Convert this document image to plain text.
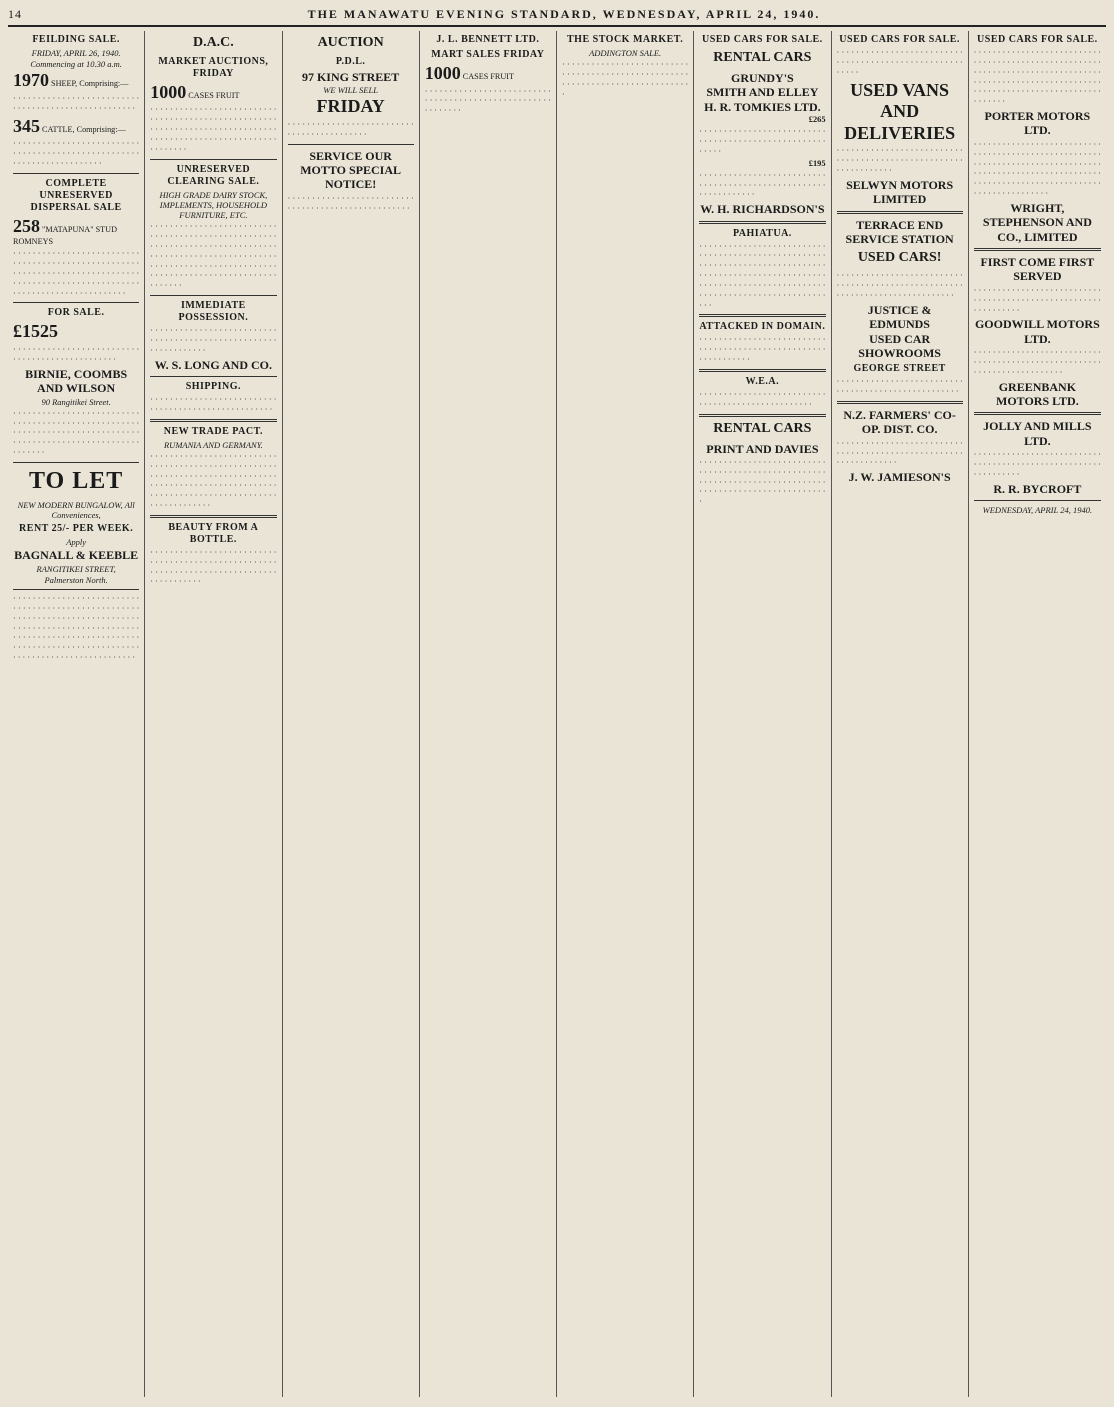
14	THE MANAWATU EVENING STANDARD, WEDNESDAY, APRIL 24, 1940.
FEILDING SALE.
FRIDAY, APRIL 26, 1940.
Commencing at 10.30 a.m.
1970 SHEEP, Comprising:—

· · · · · · · · · · · · · · · · · · · · · · · · · · · · · · · · · · · · · · · · · · · · · · · · · · · ·

345 CATTLE, Comprising:—

· · · · · · · · · · · · · · · · · · · · · · · · · · · · · · · · · · · · · · · · · · · · · · · · · · · · · · · · · · · · · · · · · · · · · · ·

COMPLETE UNRESERVED DISPERSAL SALE
258 "MATAPUNA" STUD ROMNEYS

· · · · · · · · · · · · · · · · · · · · · · · · · · · · · · · · · · · · · · · · · · · · · · · · · · · · · · · · · · · · · · · · · · · · · · · · · · · · · · · · · · · · · · · · · · · · · · · · · · · · · · · · · · · · · · · · · · · · · · · · · · · · · · · ·

FOR SALE.
£1525

· · · · · · · · · · · · · · · · · · · · · · · · · · · · · · · · · · · · · · · · · · · · · · · ·

BIRNIE, COOMBS AND WILSON
90 Rangitikei Street.

· · · · · · · · · · · · · · · · · · · · · · · · · · · · · · · · · · · · · · · · · · · · · · · · · · · · · · · · · · · · · · · · · · · · · · · · · · · · · · · · · · · · · · · · · · · · · · · · · · · · · · · · · · · · · · ·

TO LET
NEW MODERN BUNGALOW, All Conveniences,
RENT 25/- PER WEEK.
Apply
BAGNALL & KEEBLE
RANGITIKEI STREET,
Palmerston North.

· · · · · · · · · · · · · · · · · · · · · · · · · · · · · · · · · · · · · · · · · · · · · · · · · · · · · · · · · · · · · · · · · · · · · · · · · · · · · · · · · · · · · · · · · · · · · · · · · · · · · · · · · · · · · · · · · · · · · · · · · · · · · · · · · · · · · · · · · · · · · · · · · · · · · · · · · · · · · · · · · · · · · · · · · · · · · · · · · · · · · ·

D.A.C.
MARKET AUCTIONS, FRIDAY
1000 CASES FRUIT

· · · · · · · · · · · · · · · · · · · · · · · · · · · · · · · · · · · · · · · · · · · · · · · · · · · · · · · · · · · · · · · · · · · · · · · · · · · · · · · · · · · · · · · · · · · · · · · · · · · · · · · · · · · · · · · ·

UNRESERVED CLEARING SALE.
HIGH GRADE DAIRY STOCK, IMPLEMENTS, HOUSEHOLD FURNITURE, ETC.

· · · · · · · · · · · · · · · · · · · · · · · · · · · · · · · · · · · · · · · · · · · · · · · · · · · · · · · · · · · · · · · · · · · · · · · · · · · · · · · · · · · · · · · · · · · · · · · · · · · · · · · · · · · · · · · · · · · · · · · · · · · · · · · · · · · · · · · · · · · · · · · · · · · · · · · · · · · · · · · · · · ·

IMMEDIATE POSSESSION.

· · · · · · · · · · · · · · · · · · · · · · · · · · · · · · · · · · · · · · · · · · · · · · · · · · · · · · · · · · · · · · · ·

W. S. LONG AND CO.
SHIPPING.

· · · · · · · · · · · · · · · · · · · · · · · · · · · · · · · · · · · · · · · · · · · · · · · · · · · ·

NEW TRADE PACT.
RUMANIA AND GERMANY.

· · · · · · · · · · · · · · · · · · · · · · · · · · · · · · · · · · · · · · · · · · · · · · · · · · · · · · · · · · · · · · · · · · · · · · · · · · · · · · · · · · · · · · · · · · · · · · · · · · · · · · · · · · · · · · · · · · · · · · · · · · · · · · · · · · · · · · · · · · · · · · ·

BEAUTY FROM A BOTTLE.

· · · · · · · · · · · · · · · · · · · · · · · · · · · · · · · · · · · · · · · · · · · · · · · · · · · · · · · · · · · · · · · · · · · · · · · · · · · · · · · · · · · · · · · · ·

AUCTION
P.D.L.
97 KING STREET
WE WILL SELL
FRIDAY

· · · · · · · · · · · · · · · · · · · · · · · · · · · · · · · · · · · · · · · · · · ·

SERVICE OUR MOTTO SPECIAL NOTICE!

· · · · · · · · · · · · · · · · · · · · · · · · · · · · · · · · · · · · · · · · · · · · · · · · · · · ·

J. L. BENNETT LTD.
MART SALES FRIDAY
1000 CASES FRUIT

· · · · · · · · · · · · · · · · · · · · · · · · · · · · · · · · · · · · · · · · · · · · · · · · · · · · · · · · · · · ·

THE STOCK MARKET.
ADDINGTON SALE.

· · · · · · · · · · · · · · · · · · · · · · · · · · · · · · · · · · · · · · · · · · · · · · · · · · · · · · · · · · · · · · · · · · · · · · · · · · · · · · ·

USED CARS FOR SALE.
RENTAL CARS
GRUNDY'S
SMITH AND ELLEY
H. R. TOMKIES LTD.
£265

· · · · · · · · · · · · · · · · · · · · · · · · · · · · · · · · · · · · · · · · · · · · · · · · · · · · · · · · ·

£195

· · · · · · · · · · · · · · · · · · · · · · · · · · · · · · · · · · · · · · · · · · · · · · · · · · · · · · · · · · · · · · · ·

W. H. RICHARDSON'S
PAHIATUA.

· · · · · · · · · · · · · · · · · · · · · · · · · · · · · · · · · · · · · · · · · · · · · · · · · · · · · · · · · · · · · · · · · · · · · · · · · · · · · · · · · · · · · · · · · · · · · · · · · · · · · · · · · · · · · · · · · · · · · · · · · · · · · · · · · · · · · · · · · · · · · · · · · · · · · · · · · · · · · · ·

ATTACKED IN DOMAIN.

· · · · · · · · · · · · · · · · · · · · · · · · · · · · · · · · · · · · · · · · · · · · · · · · · · · · · · · · · · · · · · ·

W.E.A.

· · · · · · · · · · · · · · · · · · · · · · · · · · · · · · · · · · · · · · · · · · · · · · · · · ·

RENTAL CARS
PRINT AND DAVIES

· · · · · · · · · · · · · · · · · · · · · · · · · · · · · · · · · · · · · · · · · · · · · · · · · · · · · · · · · · · · · · · · · · · · · · · · · · · · · · · · · · · · · · · · · · · · · · · · · · · · · · · · ·

USED CARS FOR SALE.

· · · · · · · · · · · · · · · · · · · · · · · · · · · · · · · · · · · · · · · · · · · · · · · · · · · · · · · · ·

USED VANS AND DELIVERIES

· · · · · · · · · · · · · · · · · · · · · · · · · · · · · · · · · · · · · · · · · · · · · · · · · · · · · · · · · · · · · · · ·

SELWYN MOTORS LIMITED
TERRACE END SERVICE STATION
USED CARS!

· · · · · · · · · · · · · · · · · · · · · · · · · · · · · · · · · · · · · · · · · · · · · · · · · · · · · · · · · · · · · · · · · · · · · · · · · · · · ·

JUSTICE & EDMUNDS
USED CAR SHOWROOMS
GEORGE STREET

· · · · · · · · · · · · · · · · · · · · · · · · · · · · · · · · · · · · · · · · · · · · · · · · · · · ·

N.Z. FARMERS' CO-OP. DIST. CO.

· · · · · · · · · · · · · · · · · · · · · · · · · · · · · · · · · · · · · · · · · · · · · · · · · · · · · · · · · · · · · · · · ·

J. W. JAMIESON'S
USED CARS FOR SALE.

· · · · · · · · · · · · · · · · · · · · · · · · · · · · · · · · · · · · · · · · · · · · · · · · · · · · · · · · · · · · · · · · · · · · · · · · · · · · · · · · · · · · · · · · · · · · · · · · · · · · · · · · · · · · · · · · · · · · · · · · · · · · · · · · · · · · · · · · · · · · · ·

PORTER MOTORS LTD.

· · · · · · · · · · · · · · · · · · · · · · · · · · · · · · · · · · · · · · · · · · · · · · · · · · · · · · · · · · · · · · · · · · · · · · · · · · · · · · · · · · · · · · · · · · · · · · · · · · · · · · · · · · · · · · · · · · · · · · · · · · · · · · · · · · · · · · · · · · · · · · · · · · · · · · ·

WRIGHT, STEPHENSON AND CO., LIMITED
FIRST COME FIRST SERVED

· · · · · · · · · · · · · · · · · · · · · · · · · · · · · · · · · · · · · · · · · · · · · · · · · · · · · · · · · · · · · · · ·

GOODWILL MOTORS LTD.

· · · · · · · · · · · · · · · · · · · · · · · · · · · · · · · · · · · · · · · · · · · · · · · · · · · · · · · · · · · · · · · · · · · · · · · · ·

GREENBANK MOTORS LTD.
JOLLY AND MILLS LTD.

· · · · · · · · · · · · · · · · · · · · · · · · · · · · · · · · · · · · · · · · · · · · · · · · · · · · · · · · · · · · · · · ·

R. R. BYCROFT
WEDNESDAY, APRIL 24, 1940.
